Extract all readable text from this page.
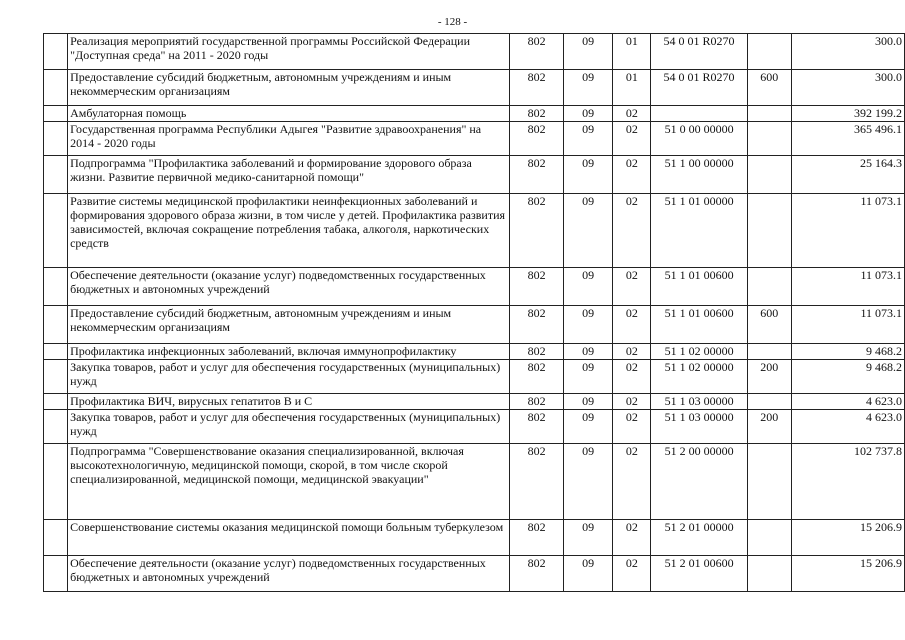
- 128 -
	Реализация мероприятий государственной программы Российской Федерации "Доступная среда" на 2011 - 2020 годы	802	09	01	54 0 01 R0270		300.0
	Предоставление субсидий бюджетным, автономным учреждениям и иным некоммерческим организациям	802	09	01	54 0 01 R0270	600	300.0
	Амбулаторная помощь	802	09	02			392 199.2
	Государственная программа Республики Адыгея "Развитие здравоохранения" на 2014 - 2020 годы	802	09	02	51 0 00 00000		365 496.1
	Подпрограмма "Профилактика заболеваний и формирование здорового образа жизни. Развитие первичной медико-санитарной помощи"	802	09	02	51 1 00 00000		25 164.3
	Развитие системы медицинской профилактики неинфекционных заболеваний и формирования здорового образа жизни, в том числе у детей. Профилактика развития зависимостей, включая сокращение потребления табака, алкоголя, наркотических средств	802	09	02	51 1 01 00000		11 073.1
	Обеспечение деятельности (оказание услуг) подведомственных государственных бюджетных и автономных учреждений	802	09	02	51 1 01 00600		11 073.1
	Предоставление субсидий бюджетным, автономным учреждениям и иным некоммерческим организациям	802	09	02	51 1 01 00600	600	11 073.1
	Профилактика инфекционных заболеваний, включая иммунопрофилактику	802	09	02	51 1 02 00000		9 468.2
	Закупка товаров, работ и услуг для обеспечения государственных (муниципальных) нужд	802	09	02	51 1 02 00000	200	9 468.2
	Профилактика ВИЧ, вирусных гепатитов В и С	802	09	02	51 1 03 00000		4 623.0
	Закупка товаров, работ и услуг для обеспечения государственных (муниципальных) нужд	802	09	02	51 1 03 00000	200	4 623.0
	Подпрограмма "Совершенствование оказания специализированной, включая высокотехнологичную, медицинской помощи, скорой, в том числе скорой специализированной, медицинской помощи, медицинской эвакуации"	802	09	02	51 2 00 00000		102 737.8
	Совершенствование системы оказания медицинской помощи больным туберкулезом	802	09	02	51 2 01 00000		15 206.9
	Обеспечение деятельности (оказание услуг) подведомственных государственных бюджетных и автономных учреждений	802	09	02	51 2 01 00600		15 206.9
